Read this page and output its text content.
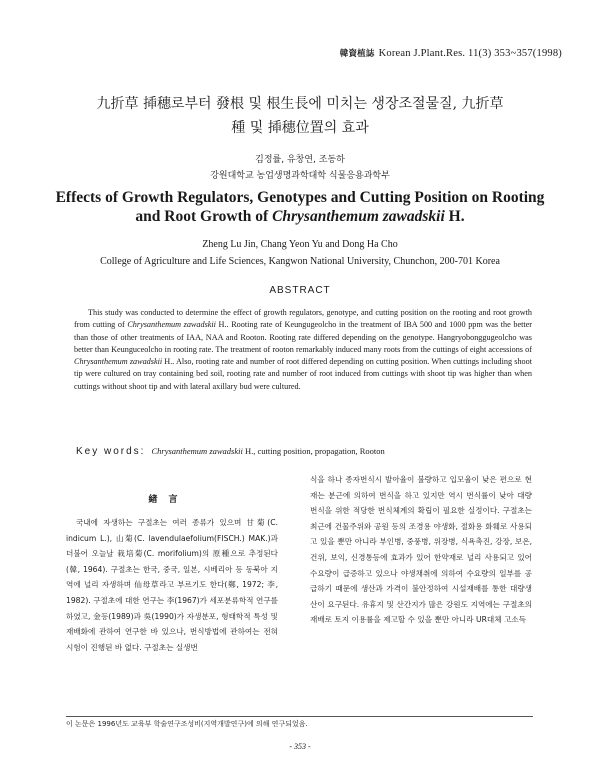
韓資植誌 Korean J.Plant.Res. 11(3) 353~357(1998)
九折草 揷穗로부터 發根 및 根生長에 미치는 생장조절물질, 九折草
種 및 揷穗位置의 효과
김정률, 유창연, 조동하
강원대학교 농업생명과학대학 식물응용과학부
Effects of Growth Regulators, Genotypes and Cutting Position on Rooting
and Root Growth of Chrysanthemum zawadskii H.
Zheng Lu Jin, Chang Yeon Yu and Dong Ha Cho
College of Agriculture and Life Sciences, Kangwon National University, Chunchon, 200-701 Korea
ABSTRACT
This study was conducted to determine the effect of growth regulators, genotype, and cutting position on the rooting and root growth from cutting of Chrysanthemum zawadskii H.. Rooting rate of Keungugeolcho in the treatment of IBA 500 and 1000 ppm was the better than those of other treatments of IAA, NAA and Rooton. Rooting rate differed depending on the genotype. Hangryobonggugeolcho was better than Keunguceolcho in rooting rate. The treatment of rooton remarkably induced many roots from the cuttings of eight accessions of Chrysanthemum zawadskii H.. Also, rooting rate and number of root differed depending on cutting position. When cuttings including shoot tip were cultured on tray containing bed soil, rooting rate and number of root induced from cuttings with shoot tip was higher than when cuttings without shoot tip and with lateral axillary bud were cultured.
Key words: Chrysanthemum zawadskii H., cutting position, propagation, Rooton
緖 言

국내에 자생하는 구절초는 여러 종류가 있으며 甘菊(C. indicum L.), 山菊(C. lavendulaefolium(FISCH.) MAK.)과 더불어 오늘날 栽培菊(C. morifolium)의 原種으로 추정된다(韓, 1964). 구절초는 한국, 중국, 일본, 시베리아 등 동북아 지역에 널리 자생하며 仙母草라고 부르기도 한다(鄭, 1972; 李, 1982). 구절초에 대한 연구는 李(1967)가 세포분류학적 연구를 하였고, 金등(1989)과 吳(1990)가 자생분포, 형태학적 특성 및 재배화에 관하여 연구한 바 있으나, 번식방법에 관하여는 전혀 시험이 진행된 바 없다. 구절초는 실생번

식을 하나 종자번식시 발아율이 불량하고 입모율이 낮은 편으로 현재는 분근에 의하여 번식을 하고 있지만 역시 번식률이 낮아 대량 번식을 위한 적당한 번식체계의 확립이 필요한 실정이다. 구절초는 최근에 건물주위와 공원 등의 조경용 야생화, 절화용 화훼로 사용되고 있을 뿐만 아니라 부인병, 중풍병, 위장병, 식욕촉진, 강장, 보온, 건위, 보익, 신경통등에 효과가 있어 한약재로 널리 사용되고 있어 수요량이 급증하고 있으나 야생채취에 의하여 수요량의 일부를 공급하기 때문에 생산과 가격이 불안정하여 시설재배를 통한 대량생산이 요구된다. 유휴지 및 산간지가 많은 강원도 지역에는 구절초의 재배로 토지 이용률을 제고할 수 있을 뿐만 아니라 UR대체 고소득

이 논문은 1996년도 교육부 학술연구조성비(지역개발연구)에 의해 연구되었음.
- 353 -
